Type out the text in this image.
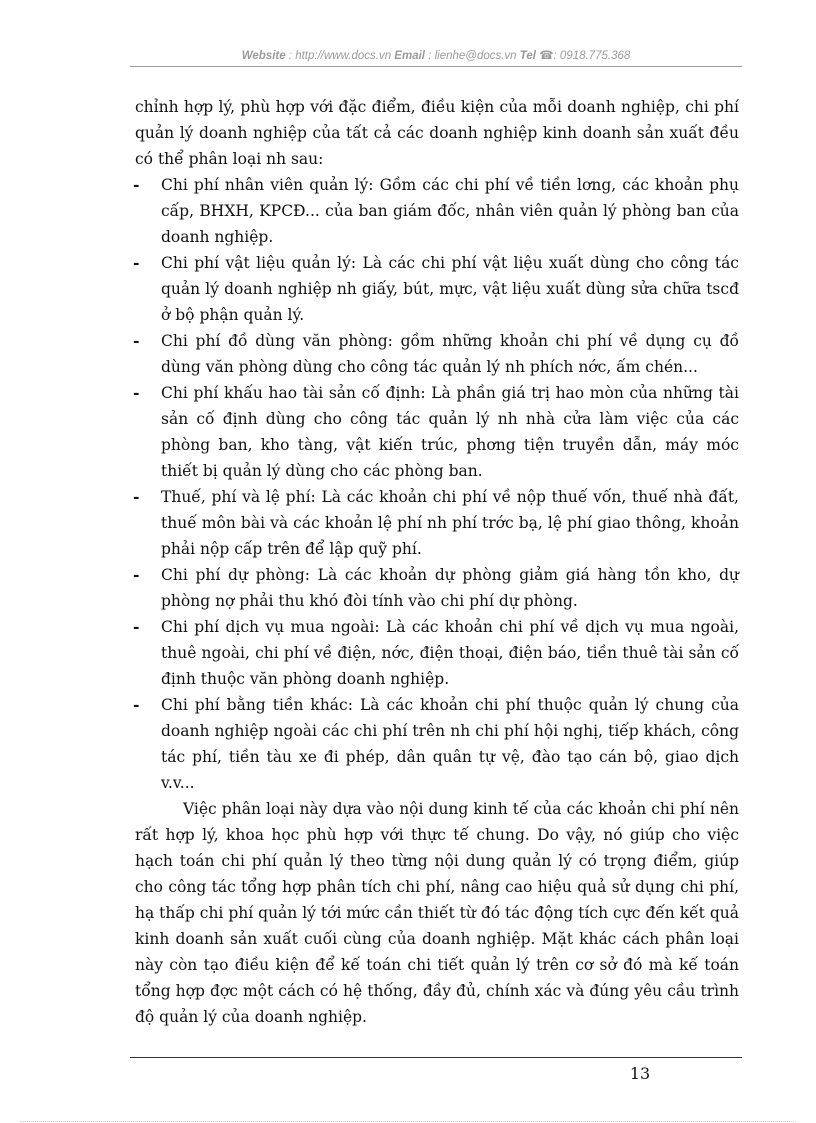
Website : http://www.docs.vn Email : lienhe@docs.vn Tel ☎: 0918.775.368

chỉnh hợp lý, phù hợp với đặc điểm, điều kiện của mỗi doanh nghiệp, chi phí quản lý doanh nghiệp của tất cả các doanh nghiệp kinh doanh sản xuất đều có thể phân loại nh sau:

- Chi phí nhân viên quản lý: Gồm các chi phí về tiền lơng, các khoản phụ cấp, BHXH, KPCĐ... của ban giám đốc, nhân viên quản lý phòng ban của doanh nghiệp.
- Chi phí vật liệu quản lý: Là các chi phí vật liệu xuất dùng cho công tác quản lý doanh nghiệp nh giấy, bút, mực, vật liệu xuất dùng sửa chữa tscđ ở bộ phận quản lý.
- Chi phí đồ dùng văn phòng: gồm những khoản chi phí về dụng cụ đồ dùng văn phòng dùng cho công tác quản lý nh phích nớc, ấm chén...
- Chi phí khấu hao tài sản cố định: Là phần giá trị hao mòn của những tài sản cố định dùng cho công tác quản lý nh nhà cửa làm việc của các phòng ban, kho tàng, vật kiến trúc, phơng tiện truyền dẫn, máy móc thiết bị quản lý dùng cho các phòng ban.
- Thuế, phí và lệ phí: Là các khoản chi phí về nộp thuế vốn, thuế nhà đất, thuế môn bài và các khoản lệ phí nh phí trớc bạ, lệ phí giao thông, khoản phải nộp cấp trên để lập quỹ phí.
- Chi phí dự phòng: Là các khoản dự phòng giảm giá hàng tồn kho, dự phòng nợ phải thu khó đòi tính vào chi phí dự phòng.
- Chi phí dịch vụ mua ngoài: Là các khoản chi phí về dịch vụ mua ngoài, thuê ngoài, chi phí về điện, nớc, điện thoại, điện báo, tiền thuê tài sản cố định thuộc văn phòng doanh nghiệp.
- Chi phí bằng tiền khác: Là các khoản chi phí thuộc quản lý chung của doanh nghiệp ngoài các chi phí trên nh chi phí hội nghị, tiếp khách, công tác phí, tiền tàu xe đi phép, dân quân tự vệ, đào tạo cán bộ, giao dịch v.v...

Việc phân loại này dựa vào nội dung kinh tế của các khoản chi phí nên rất hợp lý, khoa học phù hợp với thực tế chung. Do vậy, nó giúp cho việc hạch toán chi phí quản lý theo từng nội dung quản lý có trọng điểm, giúp cho công tác tổng hợp phân tích chi phí, nâng cao hiệu quả sử dụng chi phí, hạ thấp chi phí quản lý tới mức cần thiết từ đó tác động tích cực đến kết quả kinh doanh sản xuất cuối cùng của doanh nghiệp. Mặt khác cách phân loại này còn tạo điều kiện để kế toán chi tiết quản lý trên cơ sở đó mà kế toán tổng hợp đợc một cách có hệ thống, đầy đủ, chính xác và đúng yêu cầu trình độ quản lý của doanh nghiệp.

13
